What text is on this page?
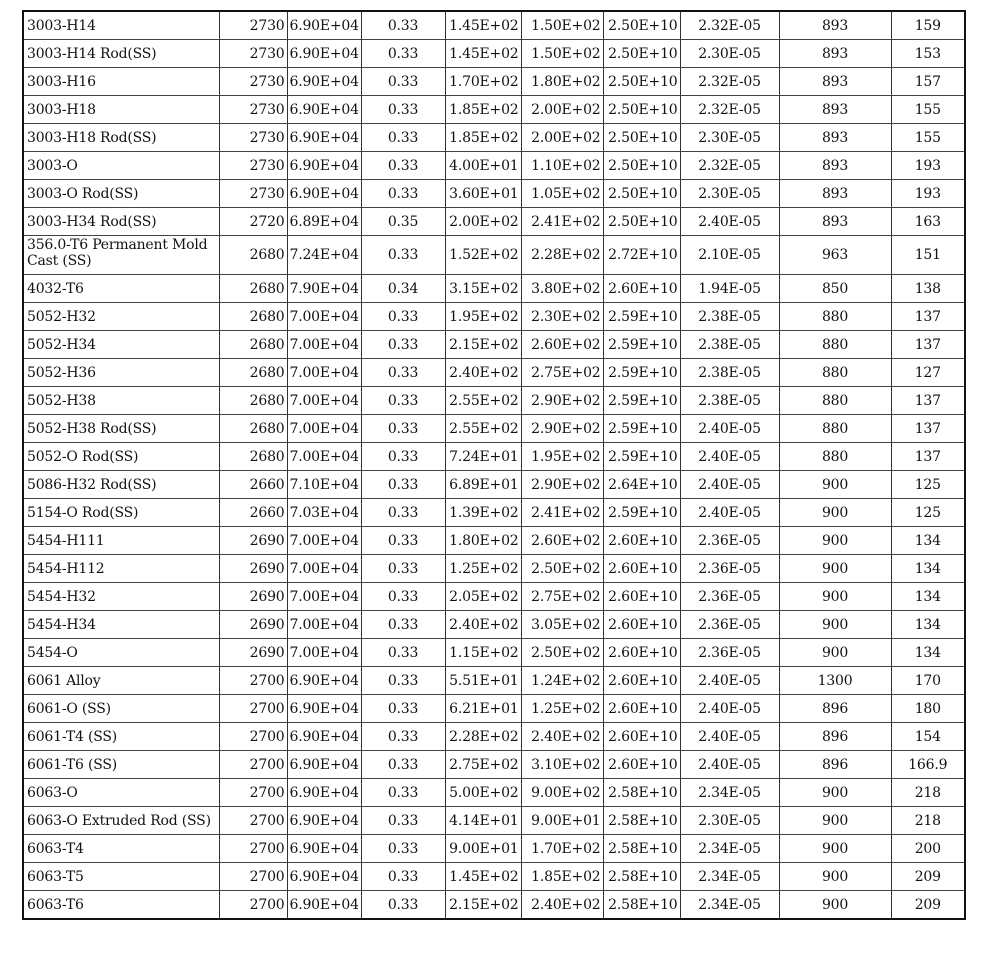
3003-H14	2730	6.90E+04	0.33	1.45E+02	1.50E+02	2.50E+10	2.32E-05	893	159
3003-H14 Rod(SS)	2730	6.90E+04	0.33	1.45E+02	1.50E+02	2.50E+10	2.30E-05	893	153
3003-H16	2730	6.90E+04	0.33	1.70E+02	1.80E+02	2.50E+10	2.32E-05	893	157
3003-H18	2730	6.90E+04	0.33	1.85E+02	2.00E+02	2.50E+10	2.32E-05	893	155
3003-H18 Rod(SS)	2730	6.90E+04	0.33	1.85E+02	2.00E+02	2.50E+10	2.30E-05	893	155
3003-O	2730	6.90E+04	0.33	4.00E+01	1.10E+02	2.50E+10	2.32E-05	893	193
3003-O Rod(SS)	2730	6.90E+04	0.33	3.60E+01	1.05E+02	2.50E+10	2.30E-05	893	193
3003-H34 Rod(SS)	2720	6.89E+04	0.35	2.00E+02	2.41E+02	2.50E+10	2.40E-05	893	163
356.0-T6 Permanent Mold Cast (SS)	2680	7.24E+04	0.33	1.52E+02	2.28E+02	2.72E+10	2.10E-05	963	151
4032-T6	2680	7.90E+04	0.34	3.15E+02	3.80E+02	2.60E+10	1.94E-05	850	138
5052-H32	2680	7.00E+04	0.33	1.95E+02	2.30E+02	2.59E+10	2.38E-05	880	137
5052-H34	2680	7.00E+04	0.33	2.15E+02	2.60E+02	2.59E+10	2.38E-05	880	137
5052-H36	2680	7.00E+04	0.33	2.40E+02	2.75E+02	2.59E+10	2.38E-05	880	127
5052-H38	2680	7.00E+04	0.33	2.55E+02	2.90E+02	2.59E+10	2.38E-05	880	137
5052-H38 Rod(SS)	2680	7.00E+04	0.33	2.55E+02	2.90E+02	2.59E+10	2.40E-05	880	137
5052-O Rod(SS)	2680	7.00E+04	0.33	7.24E+01	1.95E+02	2.59E+10	2.40E-05	880	137
5086-H32 Rod(SS)	2660	7.10E+04	0.33	6.89E+01	2.90E+02	2.64E+10	2.40E-05	900	125
5154-O Rod(SS)	2660	7.03E+04	0.33	1.39E+02	2.41E+02	2.59E+10	2.40E-05	900	125
5454-H111	2690	7.00E+04	0.33	1.80E+02	2.60E+02	2.60E+10	2.36E-05	900	134
5454-H112	2690	7.00E+04	0.33	1.25E+02	2.50E+02	2.60E+10	2.36E-05	900	134
5454-H32	2690	7.00E+04	0.33	2.05E+02	2.75E+02	2.60E+10	2.36E-05	900	134
5454-H34	2690	7.00E+04	0.33	2.40E+02	3.05E+02	2.60E+10	2.36E-05	900	134
5454-O	2690	7.00E+04	0.33	1.15E+02	2.50E+02	2.60E+10	2.36E-05	900	134
6061 Alloy	2700	6.90E+04	0.33	5.51E+01	1.24E+02	2.60E+10	2.40E-05	1300	170
6061-O (SS)	2700	6.90E+04	0.33	6.21E+01	1.25E+02	2.60E+10	2.40E-05	896	180
6061-T4 (SS)	2700	6.90E+04	0.33	2.28E+02	2.40E+02	2.60E+10	2.40E-05	896	154
6061-T6 (SS)	2700	6.90E+04	0.33	2.75E+02	3.10E+02	2.60E+10	2.40E-05	896	166.9
6063-O	2700	6.90E+04	0.33	5.00E+02	9.00E+02	2.58E+10	2.34E-05	900	218
6063-O Extruded Rod (SS)	2700	6.90E+04	0.33	4.14E+01	9.00E+01	2.58E+10	2.30E-05	900	218
6063-T4	2700	6.90E+04	0.33	9.00E+01	1.70E+02	2.58E+10	2.34E-05	900	200
6063-T5	2700	6.90E+04	0.33	1.45E+02	1.85E+02	2.58E+10	2.34E-05	900	209
6063-T6	2700	6.90E+04	0.33	2.15E+02	2.40E+02	2.58E+10	2.34E-05	900	209
